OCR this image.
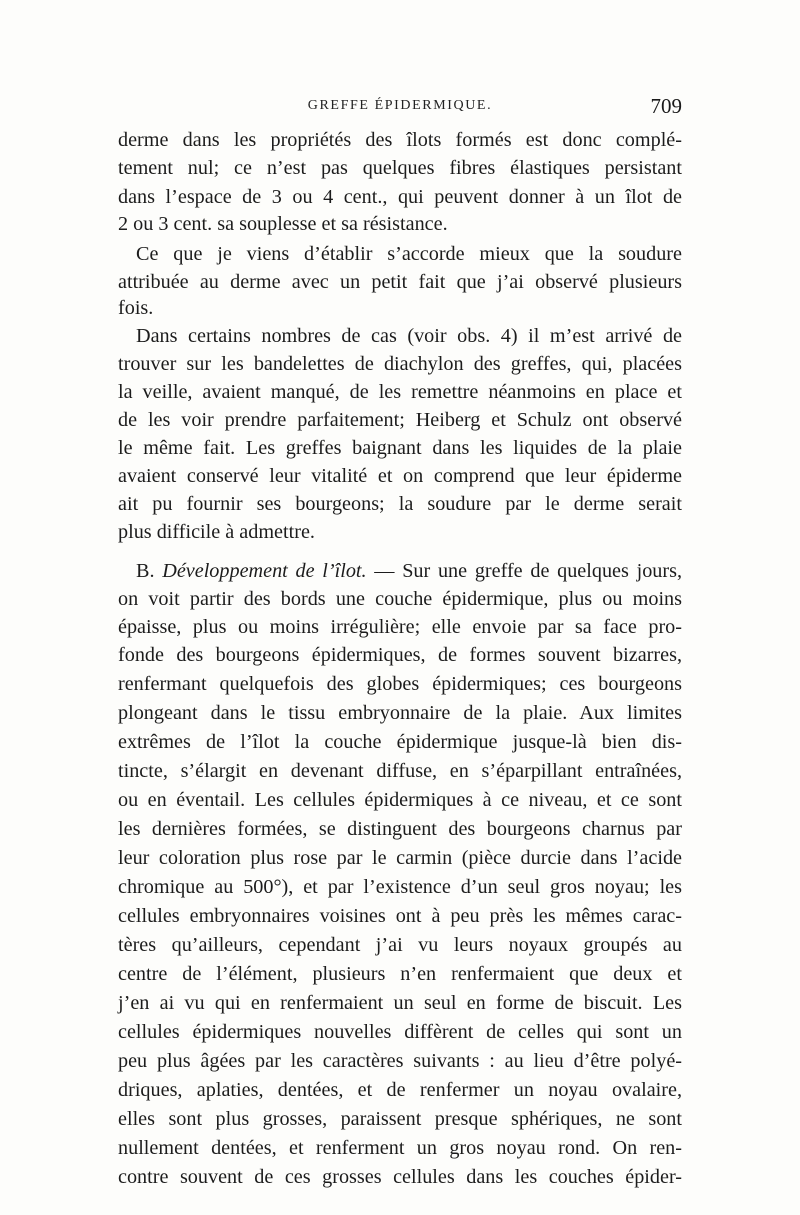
GREFFE ÉPIDERMIQUE.	709
derme dans les propriétés des îlots formés est donc complé-
tement nul; ce n’est pas quelques fibres élastiques persistant
dans l’espace de 3 ou 4 cent., qui peuvent donner à un îlot de
2 ou 3 cent. sa souplesse et sa résistance.
Ce que je viens d’établir s’accorde mieux que la soudure
attribuée au derme avec un petit fait que j’ai observé plusieurs
fois.
Dans certains nombres de cas (voir obs. 4) il m’est arrivé de
trouver sur les bandelettes de diachylon des greffes, qui, placées
la veille, avaient manqué, de les remettre néanmoins en place et
de les voir prendre parfaitement; Heiberg et Schulz ont observé
le même fait. Les greffes baignant dans les liquides de la plaie
avaient conservé leur vitalité et on comprend que leur épiderme
ait pu fournir ses bourgeons; la soudure par le derme serait
plus difficile à admettre.
B. Développement de l’îlot. — Sur une greffe de quelques jours,
on voit partir des bords une couche épidermique, plus ou moins
épaisse, plus ou moins irrégulière; elle envoie par sa face pro-
fonde des bourgeons épidermiques, de formes souvent bizarres,
renfermant quelquefois des globes épidermiques; ces bourgeons
plongeant dans le tissu embryonnaire de la plaie. Aux limites
extrêmes de l’îlot la couche épidermique jusque-là bien dis-
tincte, s’élargit en devenant diffuse, en s’éparpillant entraînées,
ou en éventail. Les cellules épidermiques à ce niveau, et ce sont
les dernières formées, se distinguent des bourgeons charnus par
leur coloration plus rose par le carmin (pièce durcie dans l’acide
chromique au 500°), et par l’existence d’un seul gros noyau; les
cellules embryonnaires voisines ont à peu près les mêmes carac-
tères qu’ailleurs, cependant j’ai vu leurs noyaux groupés au
centre de l’élément, plusieurs n’en renfermaient que deux et
j’en ai vu qui en renfermaient un seul en forme de biscuit. Les
cellules épidermiques nouvelles diffèrent de celles qui sont un
peu plus âgées par les caractères suivants : au lieu d’être polyé-
driques, aplaties, dentées, et de renfermer un noyau ovalaire,
elles sont plus grosses, paraissent presque sphériques, ne sont
nullement dentées, et renferment un gros noyau rond. On ren-
contre souvent de ces grosses cellules dans les couches épider-
